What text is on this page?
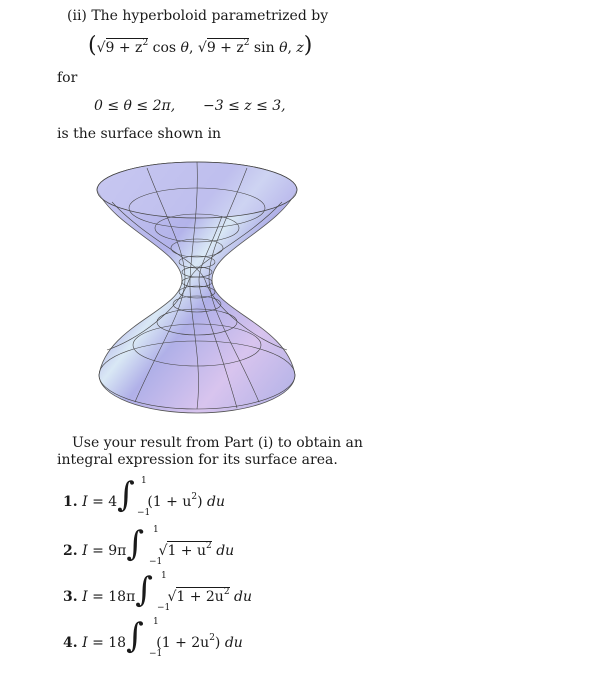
(ii) The hyperboloid parametrized by
($√9 + z^2$ cos θ, $√9 + z^2$ sin θ, z)
for
0 ≤ θ ≤ 2π, −3 ≤ z ≤ 3,
is the surface shown in
Use your result from Part (i) to obtain an
integral expression for its surface area.
1. I = 4∫ 1
−1
$(1 + u^2)$ du
2. I = 9π∫ 1
−1
$√1 + u^2$ du
3. I = 18π∫ 1
−1
$√1 + 2u^2$ du
4. I = 18∫ 1
−1
$(1 + 2u^2)$ du
